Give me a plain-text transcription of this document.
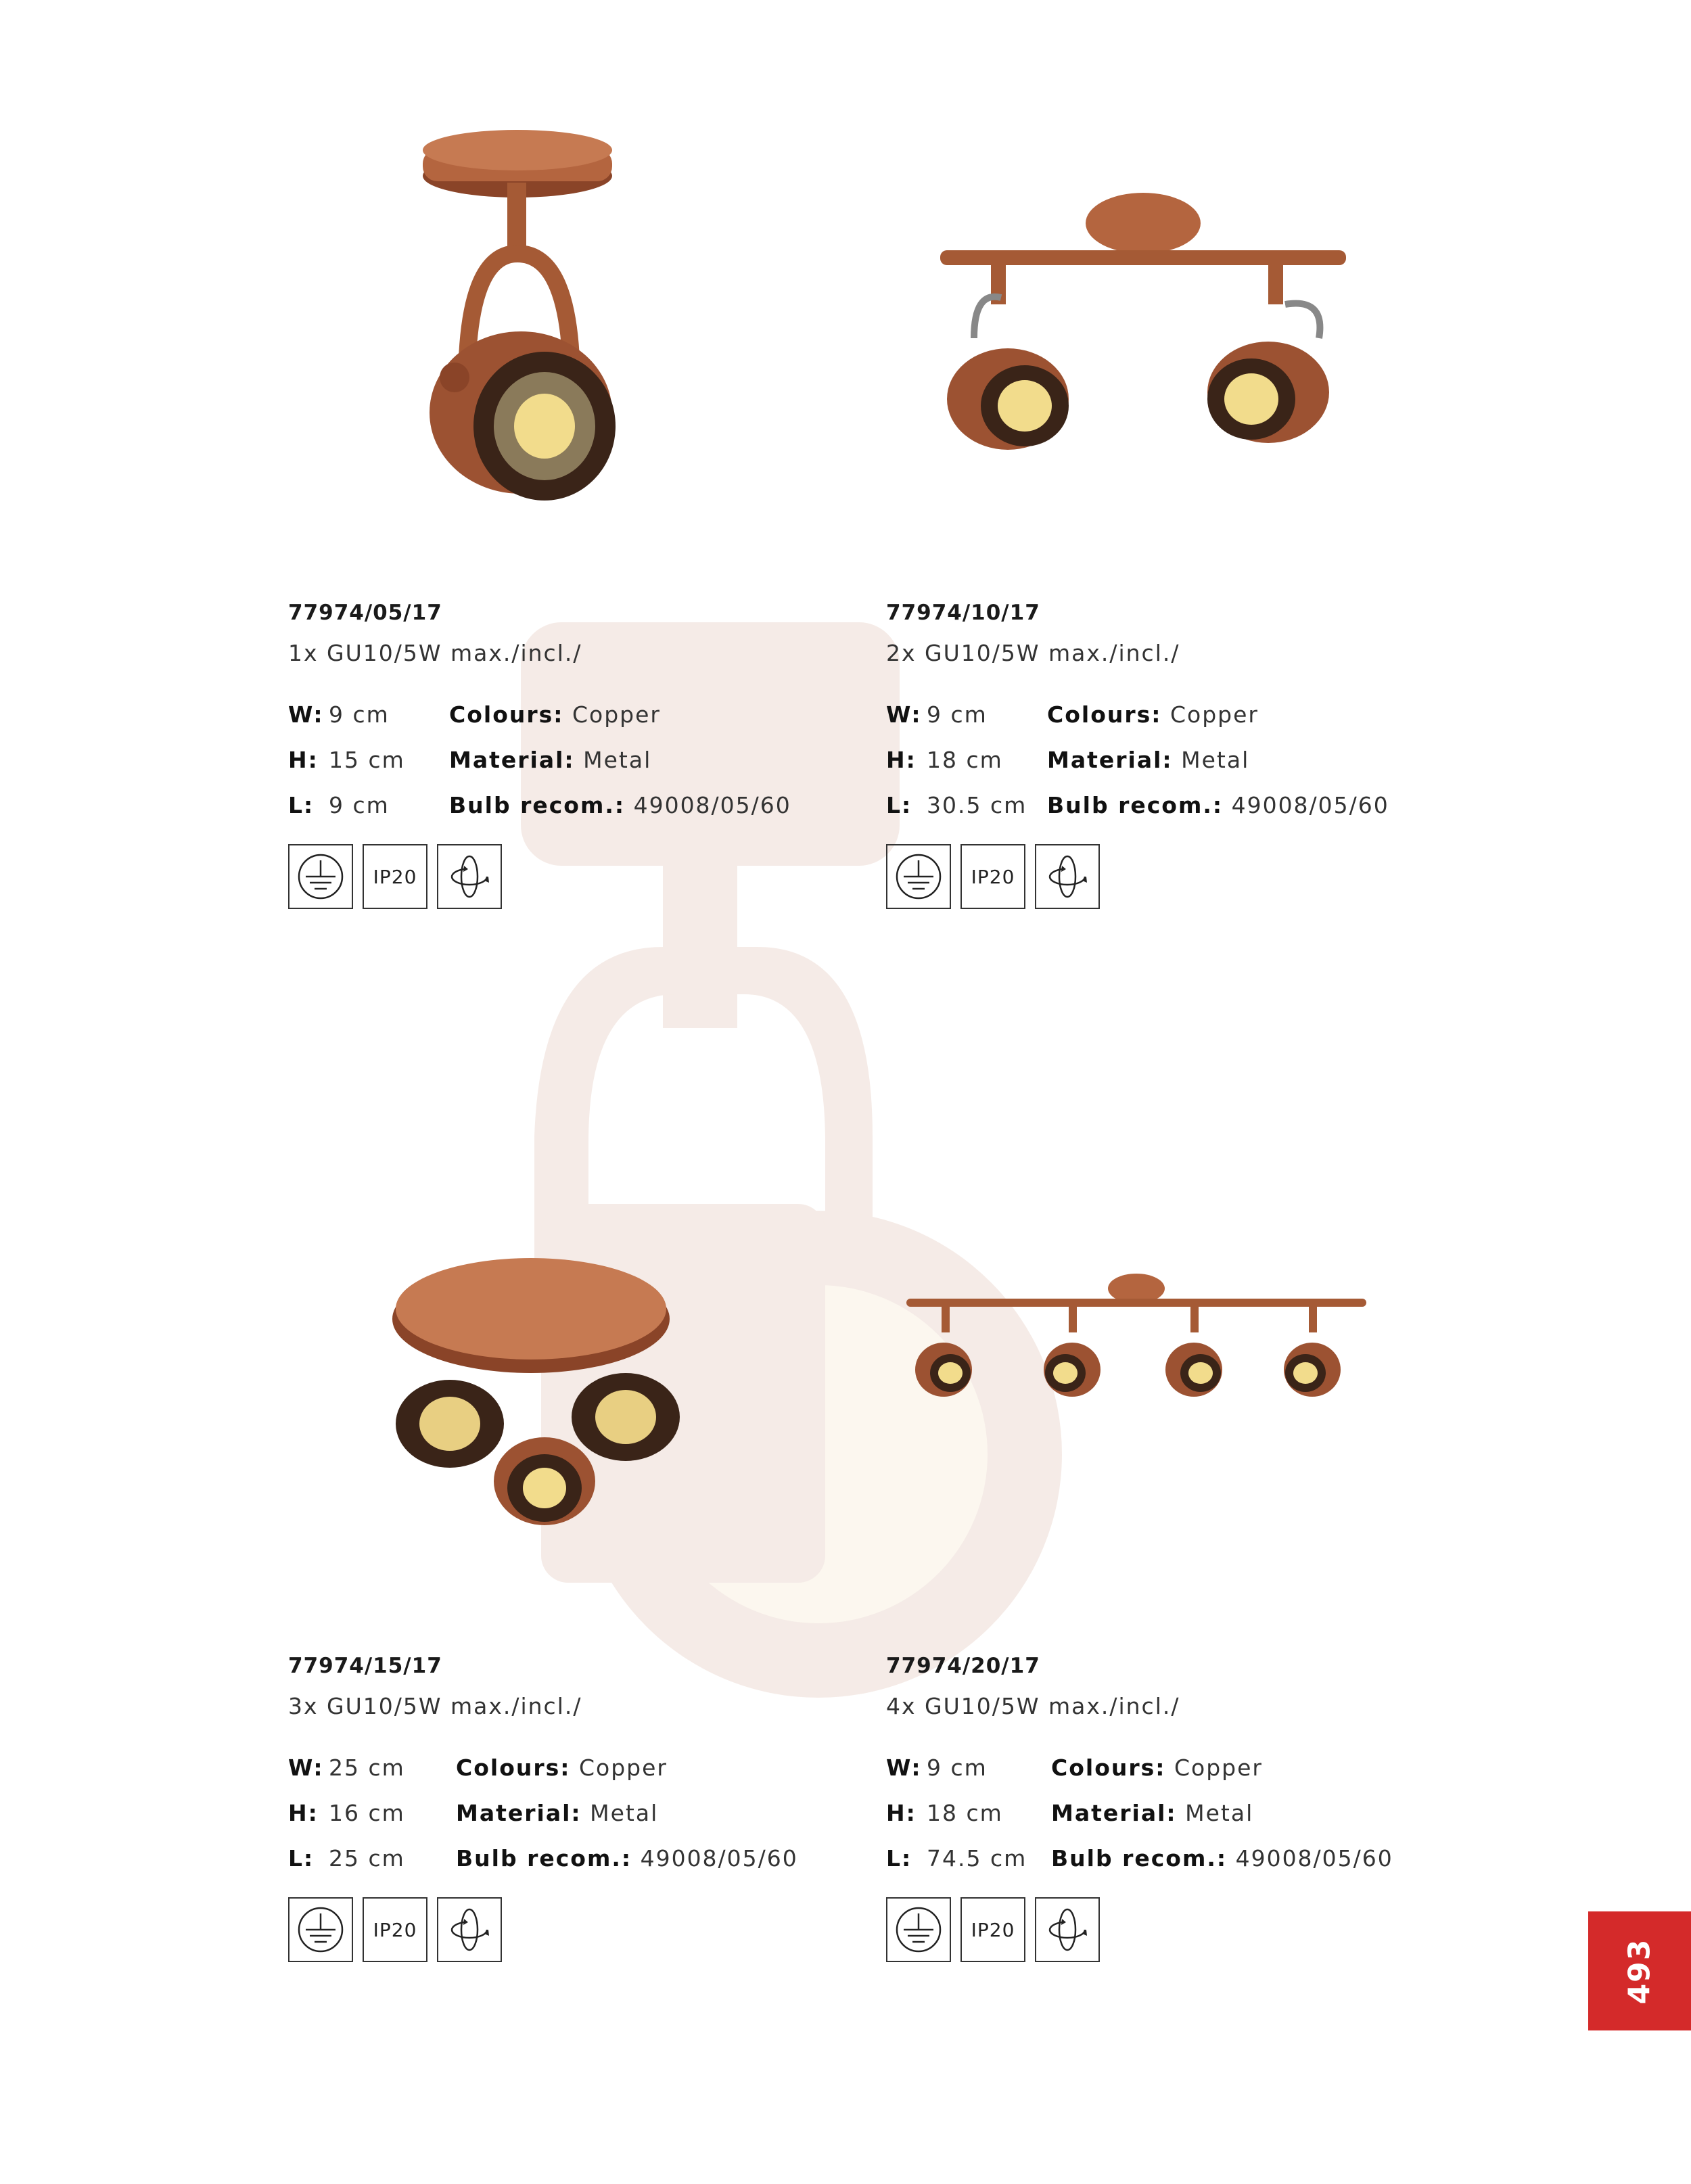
77974/05/17
1x GU10/5W max./incl./
W: 9 cm
H: 15 cm
L: 9 cm
Colours: Copper
Material: Metal
Bulb recom.: 49008/05/60
IP20
77974/10/17
2x GU10/5W max./incl./
W: 9 cm
H: 18 cm
L: 30.5 cm
Colours: Copper
Material: Metal
Bulb recom.: 49008/05/60
IP20
77974/15/17
3x GU10/5W max./incl./
W: 25 cm
H: 16 cm
L: 25 cm
Colours: Copper
Material: Metal
Bulb recom.: 49008/05/60
IP20
77974/20/17
4x GU10/5W max./incl./
W: 9 cm
H: 18 cm
L: 74.5 cm
Colours: Copper
Material: Metal
Bulb recom.: 49008/05/60
IP20
493
